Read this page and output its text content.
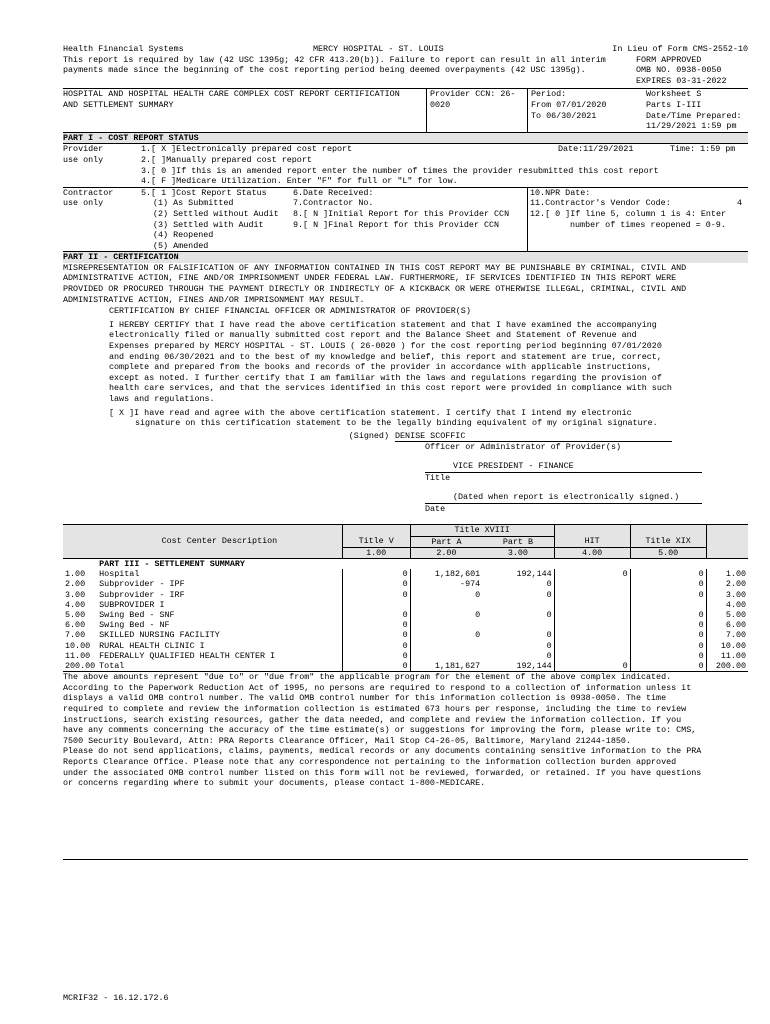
Health Financial Systems	MERCY HOSPITAL - ST. LOUIS	In Lieu of Form CMS-2552-10

This report is required by law (42 USC 1395g; 42 CFR 413.20(b)). Failure to report can result in all interim

payments made since the beginning of the cost reporting period being deemed overpayments (42 USC 1395g).

FORM APPROVED

OMB NO. 0938-0050

EXPIRES 03-31-2022

HOSPITAL AND HOSPITAL HEALTH CARE COMPLEX COST REPORT CERTIFICATION

AND SETTLEMENT SUMMARY

Provider CCN: 26-0020

Period:

From 07/01/2020

To 06/30/2021

Worksheet S

Parts I-III

Date/Time Prepared:

11/29/2021 1:59 pm

PART I - COST REPORT STATUS

Provider

use only

1.[ X ]Electronically prepared cost report	Date:11/29/2021	Time: 1:59 pm

2.[ ]Manually prepared cost report

3.[ 0 ]If this is an amended report enter the number of times the provider resubmitted this cost report

4.[ F ]Medicare Utilization. Enter "F" for full or "L" for low.

Contractor

use only

5.[ 1 ]Cost Report Status

(1) As Submitted

(2) Settled without Audit

(3) Settled with Audit

(4) Reopened

(5) Amended

6.Date Received:

7.Contractor No.

8.[ N ]Initial Report for this Provider CCN

9.[ N ]Final Report for this Provider CCN

10.NPR Date:

11.Contractor's Vendor Code:	4

12.[ 0 ]If line 5, column 1 is 4: Enter

number of times reopened = 0-9.

PART II - CERTIFICATION

MISREPRESENTATION OR FALSIFICATION OF ANY INFORMATION CONTAINED IN THIS COST REPORT MAY BE PUNISHABLE BY CRIMINAL, CIVIL AND

ADMINISTRATIVE ACTION, FINE AND/OR IMPRISONMENT UNDER FEDERAL LAW. FURTHERMORE, IF SERVICES IDENTIFIED IN THIS REPORT WERE

PROVIDED OR PROCURED THROUGH THE PAYMENT DIRECTLY OR INDIRECTLY OF A KICKBACK OR WERE OTHERWISE ILLEGAL, CRIMINAL, CIVIL AND

ADMINISTRATIVE ACTION, FINES AND/OR IMPRISONMENT MAY RESULT.

CERTIFICATION BY CHIEF FINANCIAL OFFICER OR ADMINISTRATOR OF PROVIDER(S)

I HEREBY CERTIFY that I have read the above certification statement and that I have examined the accompanying

electronically filed or manually submitted cost report and the Balance Sheet and Statement of Revenue and

Expenses prepared by MERCY HOSPITAL - ST. LOUIS ( 26-0020 ) for the cost reporting period beginning 07/01/2020

and ending 06/30/2021 and to the best of my knowledge and belief, this report and statement are true, correct,

complete and prepared from the books and records of the provider in accordance with applicable instructions,

except as noted. I further certify that I am familiar with the laws and regulations regarding the provision of

health care services, and that the services identified in this cost report were provided in compliance with such

laws and regulations.

[ X ]I have read and agree with the above certification statement. I certify that I intend my electronic

signature on this certification statement to be the legally binding equivalent of my original signature.

(Signed) DENISE SCOFFIC

Officer or Administrator of Provider(s)

VICE PRESIDENT - FINANCE

Title

(Dated when report is electronically signed.)

Date

			Title XVIII				
	Cost Center Description	Title V	Part A	Part B	HIT	Title XIX	
		1.00	2.00	3.00	4.00	5.00	
	PART III - SETTLEMENT SUMMARY						
1.00	Hospital	0	1,182,601	192,144	0	0	1.00
2.00	Subprovider - IPF	0	-974	0		0	2.00
3.00	Subprovider - IRF	0	0	0		0	3.00
4.00	SUBPROVIDER I						4.00
5.00	Swing Bed - SNF	0	0	0		0	5.00
6.00	Swing Bed - NF	0				0	6.00
7.00	SKILLED NURSING FACILITY	0	0	0		0	7.00
10.00	RURAL HEALTH CLINIC I	0		0		0	10.00
11.00	FEDERALLY QUALIFIED HEALTH CENTER I	0		0		0	11.00
200.00	Total	0	1,181,627	192,144	0	0	200.00
The above amounts represent "due to" or "due from" the applicable program for the element of the above complex indicated.

According to the Paperwork Reduction Act of 1995, no persons are required to respond to a collection of information unless it

displays a valid OMB control number. The valid OMB control number for this information collection is 0938-0050. The time

required to complete and review the information collection is estimated 673 hours per response, including the time to review

instructions, search existing resources, gather the data needed, and complete and review the information collection. If you

have any comments concerning the accuracy of the time estimate(s) or suggestions for improving the form, please write to: CMS,

7500 Security Boulevard, Attn: PRA Reports Clearance Officer, Mail Stop C4-26-05, Baltimore, Maryland 21244-1850.

Please do not send applications, claims, payments, medical records or any documents containing sensitive information to the PRA

Reports Clearance Office. Please note that any correspondence not pertaining to the information collection burden approved

under the associated OMB control number listed on this form will not be reviewed, forwarded, or retained. If you have questions

or concerns regarding where to submit your documents, please contact 1-800-MEDICARE.

MCRIF32 - 16.12.172.6
